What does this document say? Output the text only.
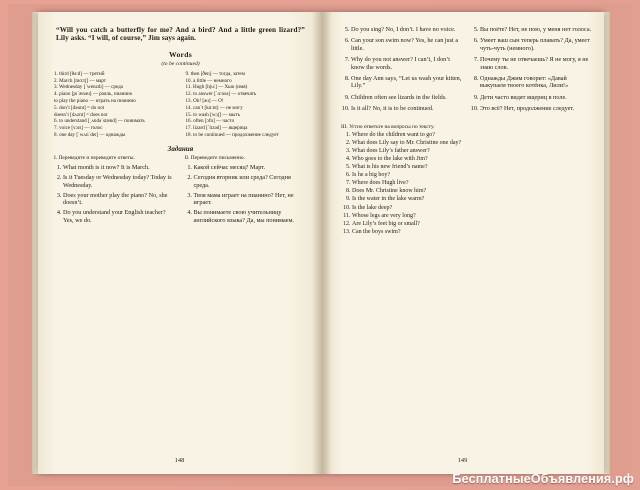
“Will you catch a butterfly for me? And a bird? And a little green lizard?” Lily asks. “I will, of course,” Jim says again.
Words
(to be continued)
1. third [θə:d] — третий
2. March [mɑ:tʃ] — март
3. Wednesday [ˈwenzdɪ] — среда
4. piano [pɪˈænəu] — рояль, пианино
to play the piano — играть на пианино
5. don’t [dəunt] = do not
doesn’t [dʌznt] = does not
6. to understand [ˌʌndəˈstænd] — понимать
7. voice [vɔɪs] — голос
8. one day [ˈwʌnˈdeɪ] — однажды
9. then [ðen] — тогда, затем
10. a little — немного
11. Hugh [hju:] — Хью (имя)
12. to answer [ˈɑ:nsə] — отвечать
13. Oh! [əu] — О!
14. can’t [kɑ:nt] — не могу
15. to wash [wɔʃ] — мыть
16. often [ɔfn] — часто
17. lizard [ˈlɪzəd] — ящерица
18. to be continued — продолжение следует
Задания
I. Переведите и переведите ответы.
1. What month is it now? It is March.
2. Is it Tuesday or Wednesday today? Today is Wednesday.
3. Does your mother play the piano? No, she doesn’t.
4. Do you understand your English teacher? Yes, we do.
II. Переведите письменно.
1. Какой сейчас месяц? Март.
2. Сегодня вторник или среда? Сегодня среда.
3. Твоя мама играет на пианино? Нет, не играет.
4. Вы понимаете свою учительницу английского языка? Да, мы понимаем.
148
5. Do you sing? No, I don’t. I have no voice.
6. Can your son swim now? Yes, he can just a little.
7. Why do you not answer? I can’t, I don’t know the words.
8. One day Ann says, “Let us wash your kitten, Lily.”
9. Children often see lizards in the fields.
10. Is it all? No, it is to be continued.
5. Вы поёте? Нет, не пою, у меня нет голоса.
6. Умеет ваш сын теперь плавать? Да, умеет чуть-чуть (немного).
7. Почему ты не отвечаешь? Я не могу, я не знаю слов.
8. Однажды Джим говорит: «Давай выкупаем твоего котёнка, Лили!»
9. Дети часто видят ящериц в поле.
10. Это всё? Нет, продолжение следует.
III. Устно ответьте на вопросы по тексту.
1. Where do the children want to go?
2. What does Lily say to Mr. Christine one day?
3. What does Lily’s father answer?
4. Who goes to the lake with Jim?
5. What is his new friend’s name?
6. Is he a big boy?
7. Where does Hugh live?
8. Does Mr. Christine know him?
9. Is the water in the lake warm?
10. Is the lake deep?
11. Whose legs are very long?
12. Are Lily’s feet big or small?
13. Can the boys swim?
149
БесплатныеОбъявления.рф
